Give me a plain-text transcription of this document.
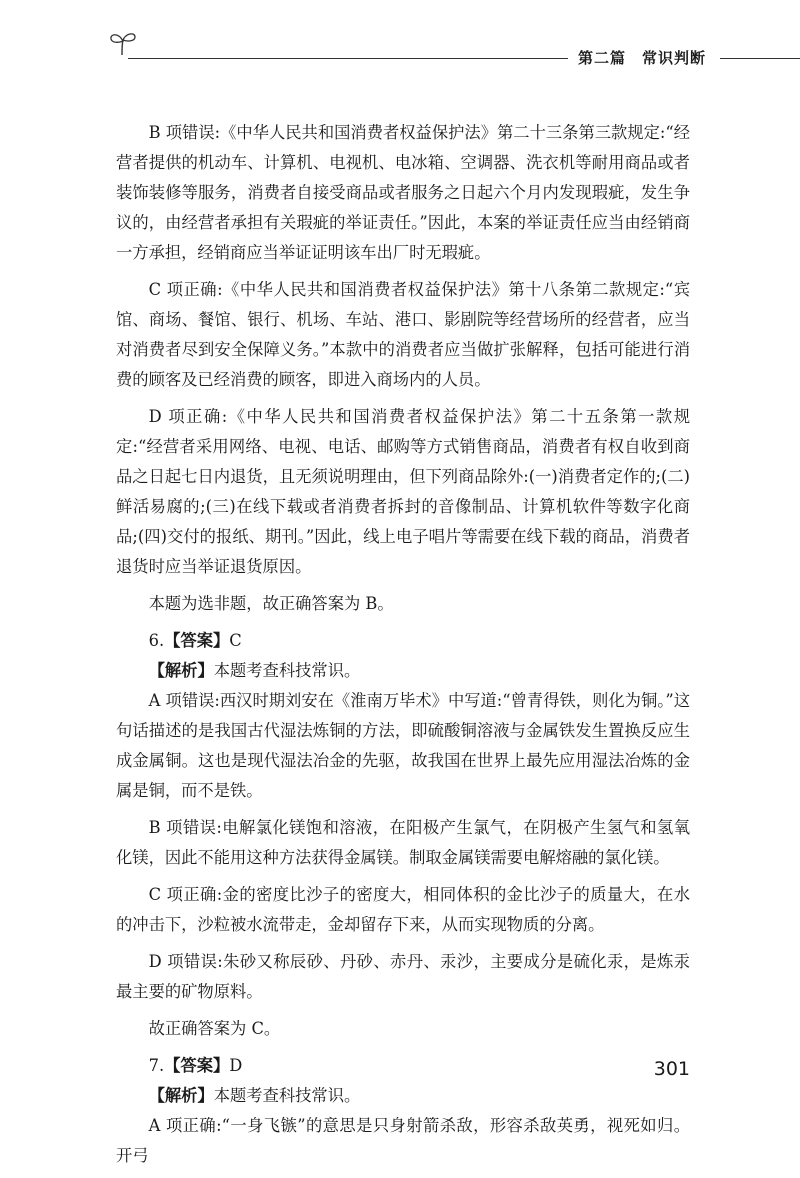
第二篇　常识判断

B 项错误:《中华人民共和国消费者权益保护法》第二十三条第三款规定:“经营者提供的机动车、计算机、电视机、电冰箱、空调器、洗衣机等耐用商品或者装饰装修等服务，消费者自接受商品或者服务之日起六个月内发现瑕疵，发生争议的，由经营者承担有关瑕疵的举证责任。”因此，本案的举证责任应当由经销商一方承担，经销商应当举证证明该车出厂时无瑕疵。

C 项正确:《中华人民共和国消费者权益保护法》第十八条第二款规定:“宾馆、商场、餐馆、银行、机场、车站、港口、影剧院等经营场所的经营者，应当对消费者尽到安全保障义务。”本款中的消费者应当做扩张解释，包括可能进行消费的顾客及已经消费的顾客，即进入商场内的人员。

D 项正确:《中华人民共和国消费者权益保护法》第二十五条第一款规定:“经营者采用网络、电视、电话、邮购等方式销售商品，消费者有权自收到商品之日起七日内退货，且无须说明理由，但下列商品除外:(一)消费者定作的;(二)鲜活易腐的;(三)在线下载或者消费者拆封的音像制品、计算机软件等数字化商品;(四)交付的报纸、期刊。”因此，线上电子唱片等需要在线下载的商品，消费者退货时应当举证退货原因。

本题为选非题，故正确答案为 B。

6.【答案】C

【解析】本题考查科技常识。

A 项错误:西汉时期刘安在《淮南万毕术》中写道:“曾青得铁，则化为铜。”这句话描述的是我国古代湿法炼铜的方法，即硫酸铜溶液与金属铁发生置换反应生成金属铜。这也是现代湿法冶金的先驱，故我国在世界上最先应用湿法冶炼的金属是铜，而不是铁。

B 项错误:电解氯化镁饱和溶液，在阳极产生氯气，在阴极产生氢气和氢氧化镁，因此不能用这种方法获得金属镁。制取金属镁需要电解熔融的氯化镁。

C 项正确:金的密度比沙子的密度大，相同体积的金比沙子的质量大，在水的冲击下，沙粒被水流带走，金却留存下来，从而实现物质的分离。

D 项错误:朱砂又称辰砂、丹砂、赤丹、汞沙，主要成分是硫化汞，是炼汞最主要的矿物原料。

故正确答案为 C。

7.【答案】D

【解析】本题考查科技常识。

A 项正确:“一身飞镞”的意思是只身射箭杀敌，形容杀敌英勇，视死如归。开弓

301
